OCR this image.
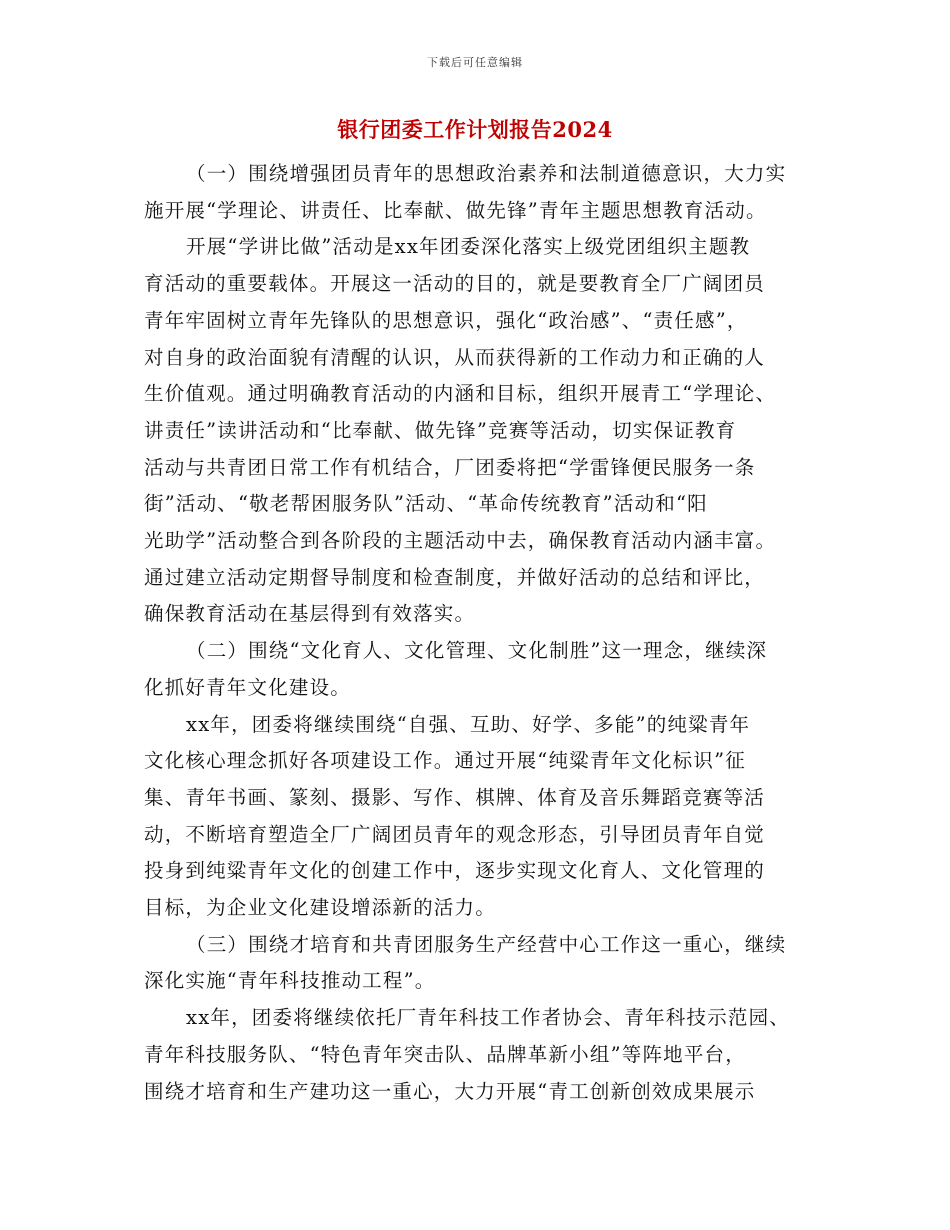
下载后可任意编辑
银行团委工作计划报告2024

（一）围绕增强团员青年的思想政治素养和法制道德意识，大力实
施开展“学理论、讲责任、比奉献、做先锋”青年主题思想教育活动。

开展“学讲比做”活动是xx年团委深化落实上级党团组织主题教
育活动的重要载体。开展这一活动的目的，就是要教育全厂广阔团员
青年牢固树立青年先锋队的思想意识，强化“政治感”、“责任感”，
对自身的政治面貌有清醒的认识，从而获得新的工作动力和正确的人
生价值观。通过明确教育活动的内涵和目标，组织开展青工“学理论、
讲责任”读讲活动和“比奉献、做先锋”竞赛等活动，切实保证教育
活动与共青团日常工作有机结合，厂团委将把“学雷锋便民服务一条
街”活动、“敬老帮困服务队”活动、“革命传统教育”活动和“阳
光助学”活动整合到各阶段的主题活动中去，确保教育活动内涵丰富。
通过建立活动定期督导制度和检查制度，并做好活动的总结和评比，
确保教育活动在基层得到有效落实。

（二）围绕“文化育人、文化管理、文化制胜”这一理念，继续深
化抓好青年文化建设。

xx年，团委将继续围绕“自强、互助、好学、多能”的纯粱青年
文化核心理念抓好各项建设工作。通过开展“纯粱青年文化标识”征
集、青年书画、篆刻、摄影、写作、棋牌、体育及音乐舞蹈竞赛等活
动，不断培育塑造全厂广阔团员青年的观念形态，引导团员青年自觉
投身到纯粱青年文化的创建工作中，逐步实现文化育人、文化管理的
目标，为企业文化建设增添新的活力。

（三）围绕才培育和共青团服务生产经营中心工作这一重心，继续
深化实施“青年科技推动工程”。

xx年，团委将继续依托厂青年科技工作者协会、青年科技示范园、
青年科技服务队、“特色青年突击队、品牌革新小组”等阵地平台，
围绕才培育和生产建功这一重心，大力开展“青工创新创效成果展示
